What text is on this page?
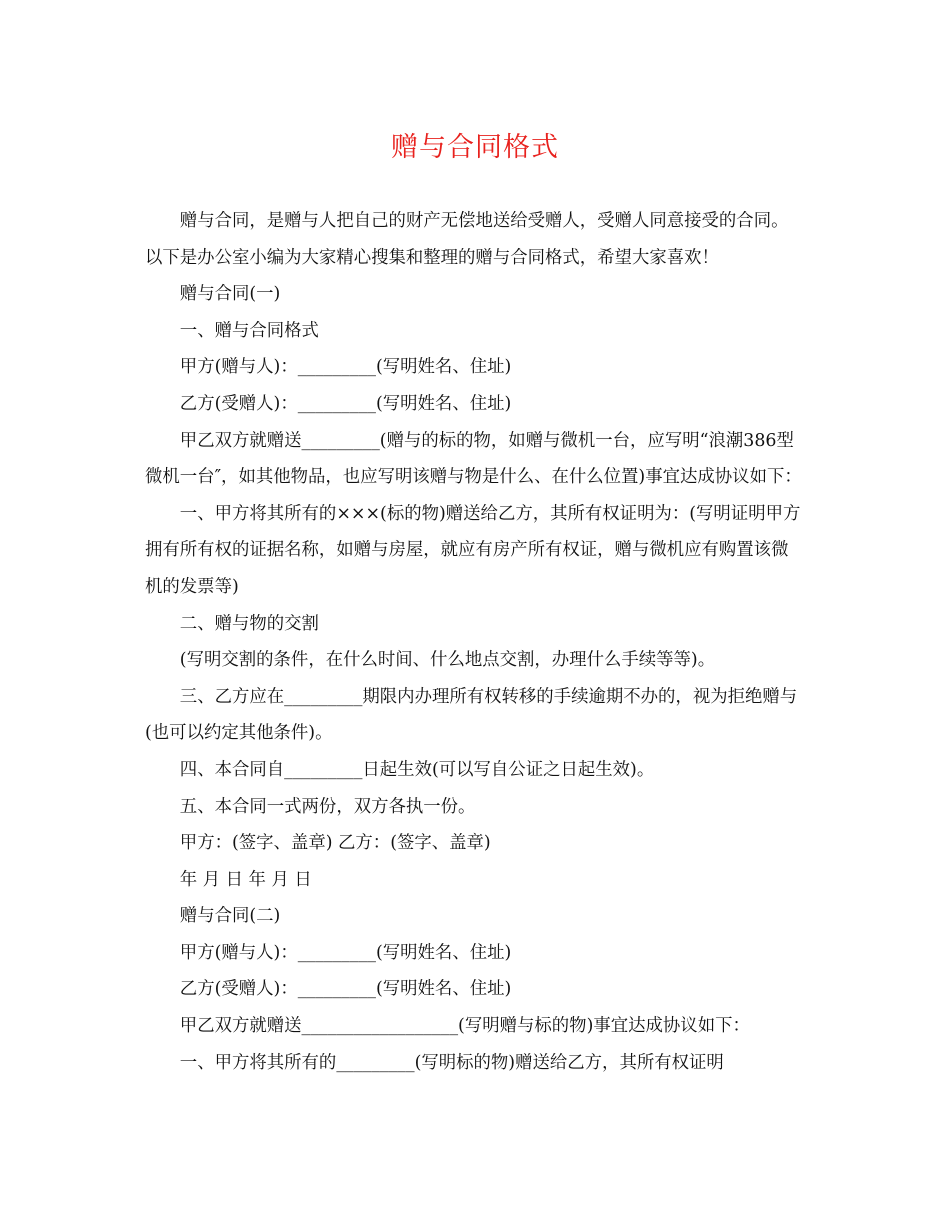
赠与合同格式

赠与合同，是赠与人把自己的财产无偿地送给受赠人，受赠人同意接受的合同。以下是办公室小编为大家精心搜集和整理的赠与合同格式，希望大家喜欢！

赠与合同(一)

一、赠与合同格式

甲方(赠与人)：_________(写明姓名、住址)

乙方(受赠人)：_________(写明姓名、住址)

甲乙双方就赠送_________(赠与的标的物，如赠与微机一台，应写明“浪潮386型微机一台″，如其他物品，也应写明该赠与物是什么、在什么位置)事宜达成协议如下：

一、甲方将其所有的×××(标的物)赠送给乙方，其所有权证明为：(写明证明甲方拥有所有权的证据名称，如赠与房屋，就应有房产所有权证，赠与微机应有购置该微机的发票等)

二、赠与物的交割

(写明交割的条件，在什么时间、什么地点交割，办理什么手续等等)。

三、乙方应在_________期限内办理所有权转移的手续逾期不办的，视为拒绝赠与(也可以约定其他条件)。

四、本合同自_________日起生效(可以写自公证之日起生效)。

五、本合同一式两份，双方各执一份。

甲方：(签字、盖章) 乙方：(签字、盖章)

年 月 日 年 月 日

赠与合同(二)

甲方(赠与人)：_________(写明姓名、住址)

乙方(受赠人)：_________(写明姓名、住址)

甲乙双方就赠送__________________(写明赠与标的物)事宜达成协议如下：

一、甲方将其所有的_________(写明标的物)赠送给乙方，其所有权证明
